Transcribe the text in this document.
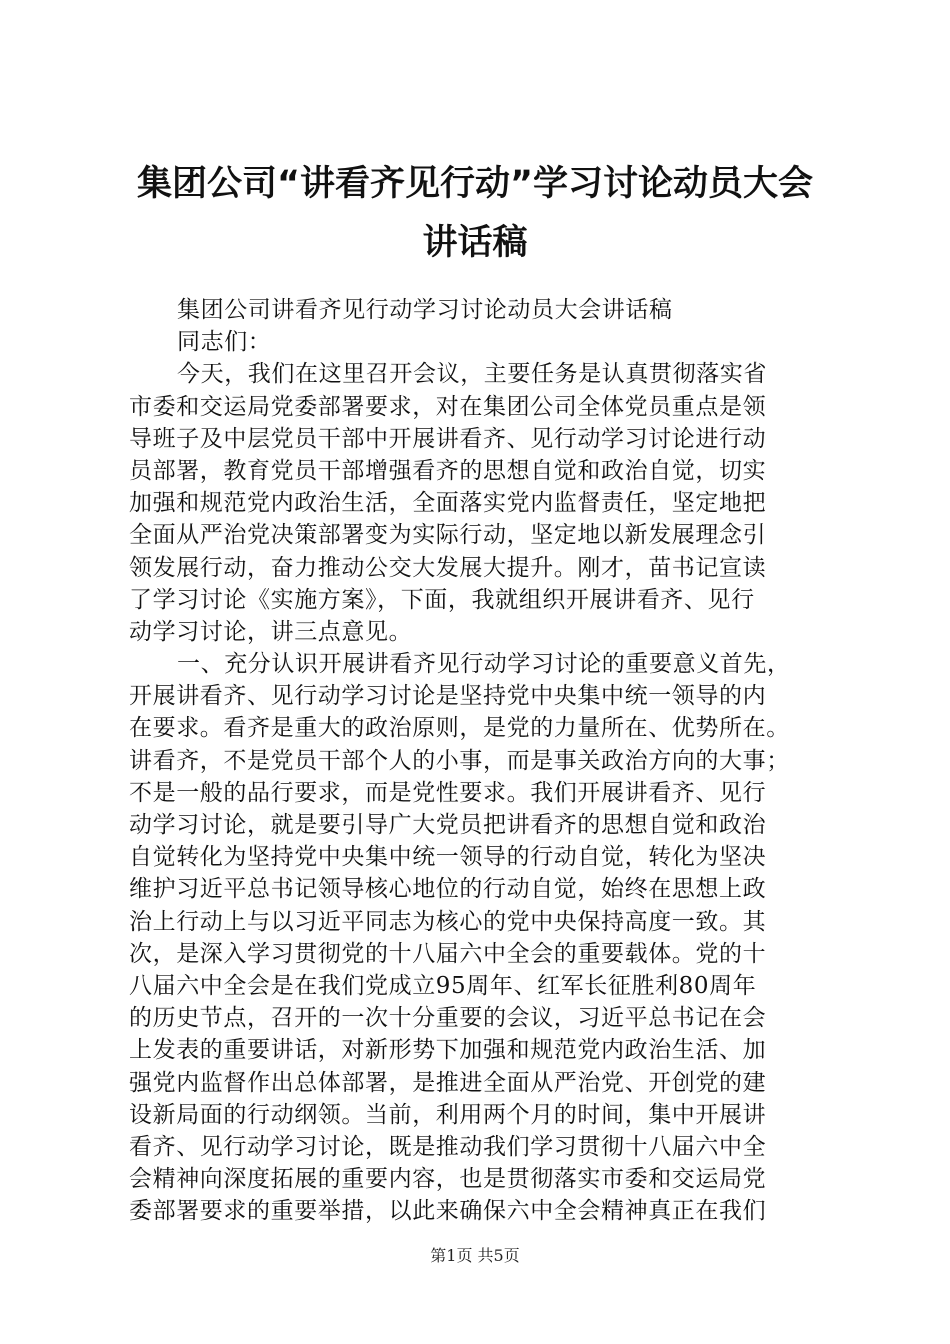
集团公司“讲看齐见行动”学习讨论动员大会
讲话稿
集团公司讲看齐见行动学习讨论动员大会讲话稿
同志们：
今天，我们在这里召开会议，主要任务是认真贯彻落实省
市委和交运局党委部署要求，对在集团公司全体党员重点是领
导班子及中层党员干部中开展讲看齐、见行动学习讨论进行动
员部署，教育党员干部增强看齐的思想自觉和政治自觉，切实
加强和规范党内政治生活，全面落实党内监督责任，坚定地把
全面从严治党决策部署变为实际行动，坚定地以新发展理念引
领发展行动，奋力推动公交大发展大提升。刚才，苗书记宣读
了学习讨论《实施方案》，下面，我就组织开展讲看齐、见行
动学习讨论，讲三点意见。
一、充分认识开展讲看齐见行动学习讨论的重要意义首先，
开展讲看齐、见行动学习讨论是坚持党中央集中统一领导的内
在要求。看齐是重大的政治原则，是党的力量所在、优势所在。
讲看齐，不是党员干部个人的小事，而是事关政治方向的大事；
不是一般的品行要求，而是党性要求。我们开展讲看齐、见行
动学习讨论，就是要引导广大党员把讲看齐的思想自觉和政治
自觉转化为坚持党中央集中统一领导的行动自觉，转化为坚决
维护习近平总书记领导核心地位的行动自觉，始终在思想上政
治上行动上与以习近平同志为核心的党中央保持高度一致。其
次，是深入学习贯彻党的十八届六中全会的重要载体。党的十
八届六中全会是在我们党成立95周年、红军长征胜利80周年
的历史节点，召开的一次十分重要的会议，习近平总书记在会
上发表的重要讲话，对新形势下加强和规范党内政治生活、加
强党内监督作出总体部署，是推进全面从严治党、开创党的建
设新局面的行动纲领。当前，利用两个月的时间，集中开展讲
看齐、见行动学习讨论，既是推动我们学习贯彻十八届六中全
会精神向深度拓展的重要内容，也是贯彻落实市委和交运局党
委部署要求的重要举措，以此来确保六中全会精神真正在我们
第1页 共5页
